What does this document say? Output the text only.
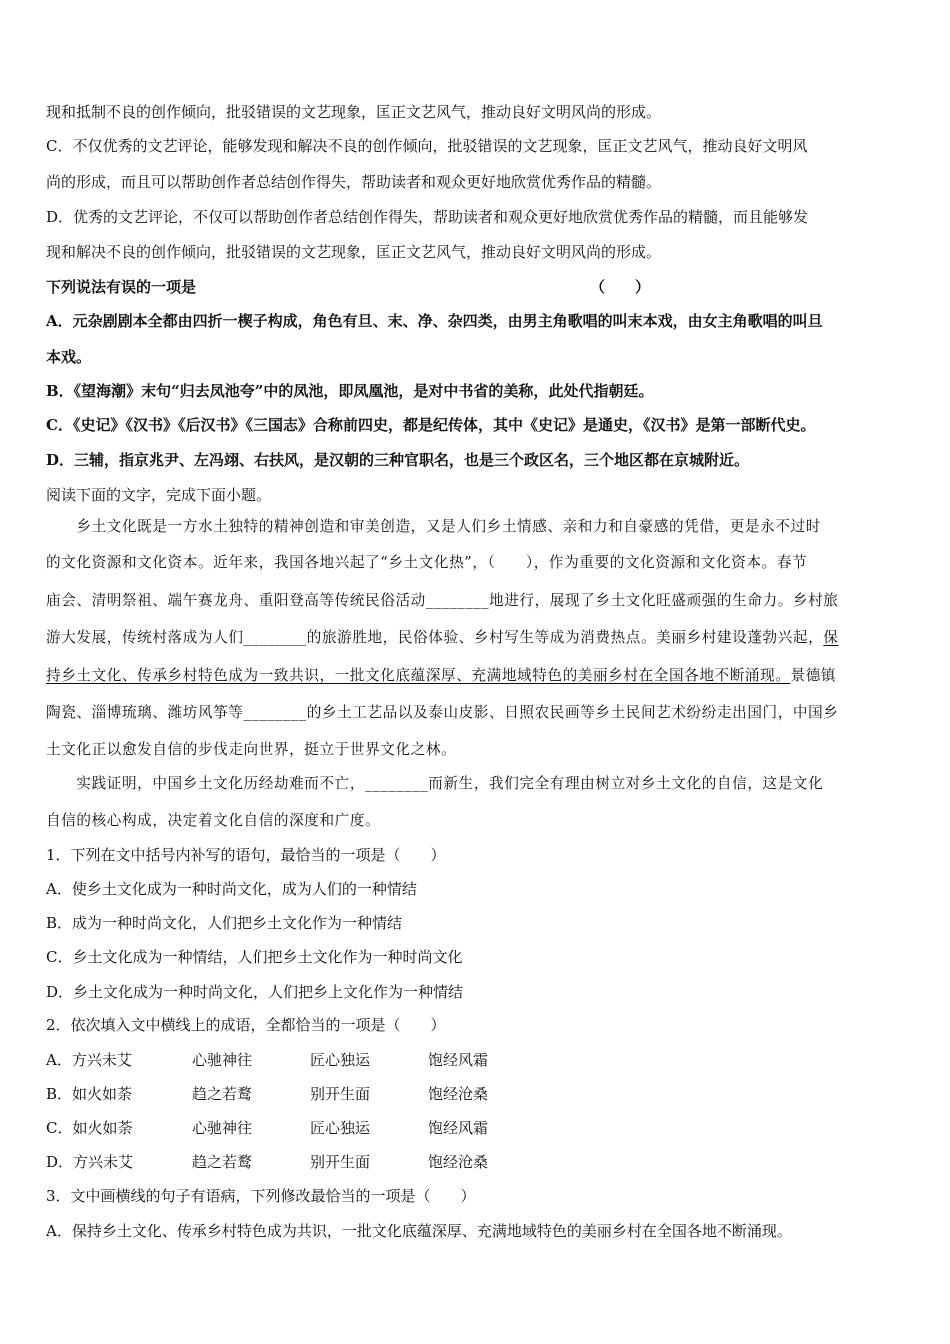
现和抵制不良的创作倾向，批驳错误的文艺现象，匡正文艺风气，推动良好文明风尚的形成。
C．不仅优秀的文艺评论，能够发现和解决不良的创作倾向，批驳错误的文艺现象，匡正文艺风气，推动良好文明风
尚的形成，而且可以帮助创作者总结创作得失，帮助读者和观众更好地欣赏优秀作品的精髓。
D．优秀的文艺评论，不仅可以帮助创作者总结创作得失，帮助读者和观众更好地欣赏优秀作品的精髓，而且能够发
现和解决不良的创作倾向，批驳错误的文艺现象，匡正文艺风气，推动良好文明风尚的形成。
下列说法有误的一项是	（　　）
A．元杂剧剧本全都由四折一楔子构成，角色有旦、末、净、杂四类，由男主角歌唱的叫末本戏，由女主角歌唱的叫旦
本戏。
B．《望海潮》末句“归去凤池夸”中的凤池，即凤凰池，是对中书省的美称，此处代指朝廷。
C．《史记》《汉书》《后汉书》《三国志》合称前四史，都是纪传体，其中《史记》是通史，《汉书》是第一部断代史。
D．三辅，指京兆尹、左冯翊、右扶风，是汉朝的三种官职名，也是三个政区名，三个地区都在京城附近。
阅读下面的文字，完成下面小题。
　　乡土文化既是一方水土独特的精神创造和审美创造，又是人们乡土情感、亲和力和自豪感的凭借，更是永不过时
的文化资源和文化资本。近年来，我国各地兴起了“乡土文化热”，（　　），作为重要的文化资源和文化资本。春节
庙会、清明祭祖、端午赛龙舟、重阳登高等传统民俗活动________地进行，展现了乡土文化旺盛顽强的生命力。乡村旅
游大发展，传统村落成为人们________的旅游胜地，民俗体验、乡村写生等成为消费热点。美丽乡村建设蓬勃兴起，保
持乡土文化、传承乡村特色成为一致共识，一批文化底蕴深厚、充满地域特色的美丽乡村在全国各地不断涌现。景德镇
陶瓷、淄博琉璃、潍坊风筝等________的乡土工艺品以及泰山皮影、日照农民画等乡土民间艺术纷纷走出国门，中国乡
土文化正以愈发自信的步伐走向世界，挺立于世界文化之林。
　　实践证明，中国乡土文化历经劫难而不亡，________而新生，我们完全有理由树立对乡土文化的自信，这是文化
自信的核心构成，决定着文化自信的深度和广度。
1．下列在文中括号内补写的语句，最恰当的一项是（　　）
A．使乡土文化成为一种时尚文化，成为人们的一种情结
B．成为一种时尚文化，人们把乡土文化作为一种情结
C．乡土文化成为一种情结，人们把乡土文化作为一种时尚文化
D．乡土文化成为一种时尚文化，人们把乡上文化作为一种情结
2．依次填入文中横线上的成语，全都恰当的一项是（　　）
A．方兴未艾	心驰神往	匠心独运	饱经风霜
B．如火如荼	趋之若鹜	别开生面	饱经沧桑
C．如火如荼	心驰神往	匠心独运	饱经风霜
D．方兴未艾	趋之若鹜	别开生面	饱经沧桑
3．文中画横线的句子有语病，下列修改最恰当的一项是（　　）
A．保持乡土文化、传承乡村特色成为共识，一批文化底蕴深厚、充满地域特色的美丽乡村在全国各地不断涌现。
